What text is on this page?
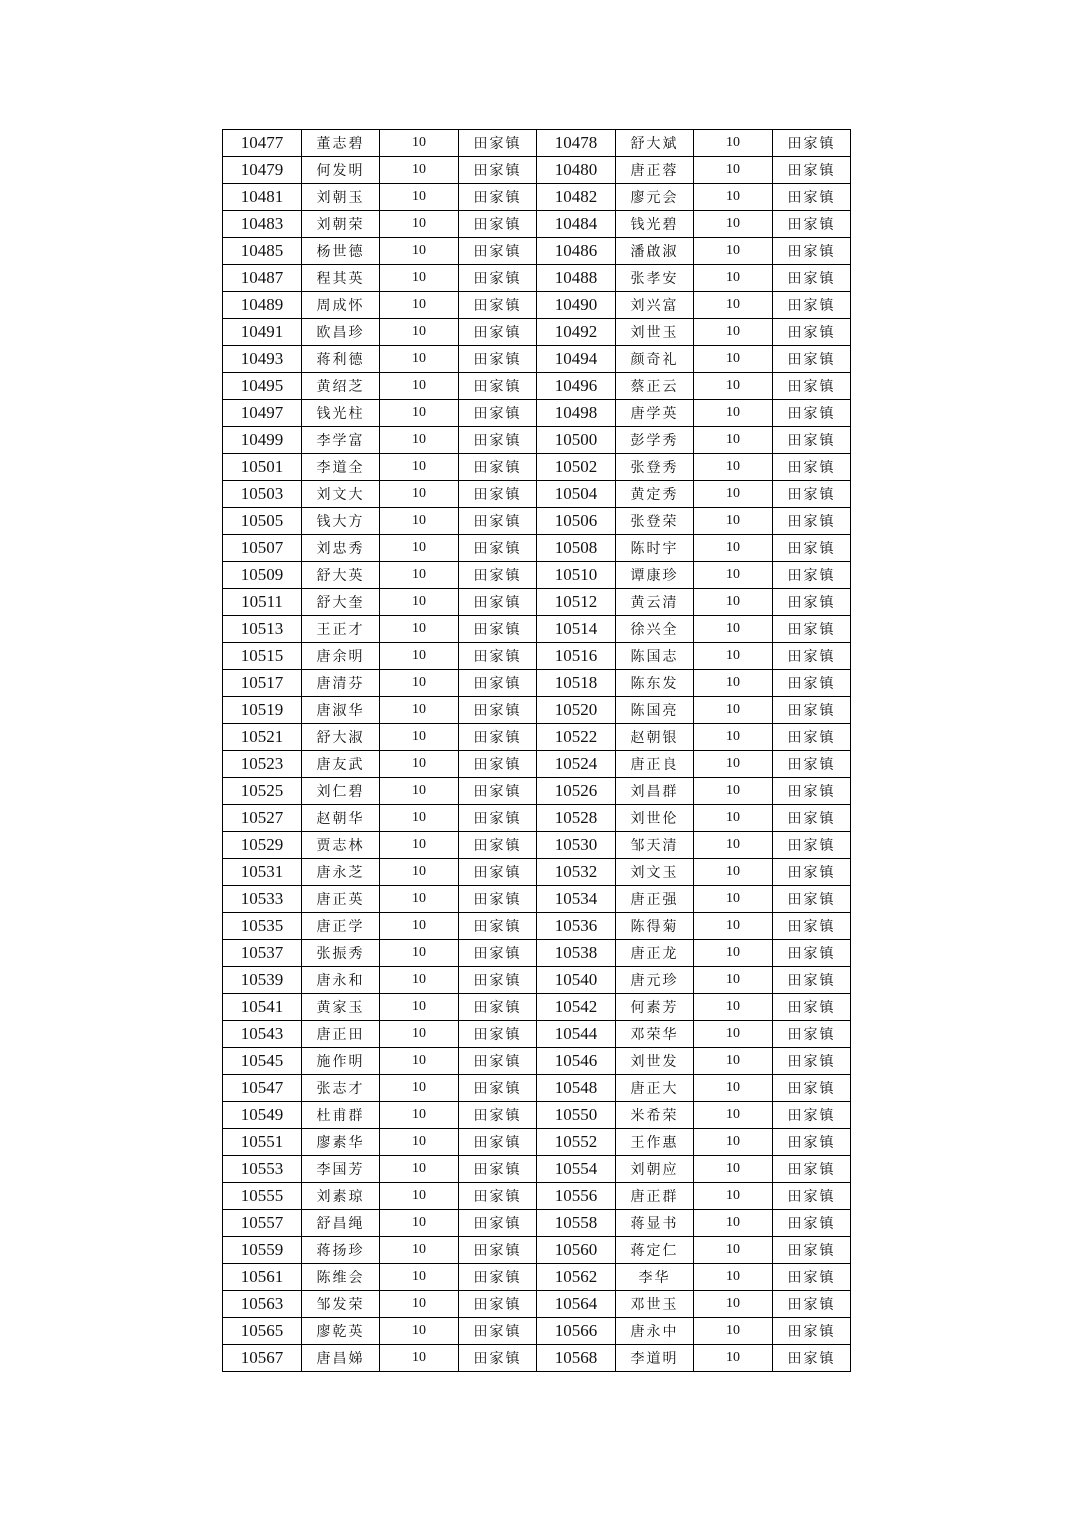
10477	董志碧	10	田家镇	10478	舒大斌	10	田家镇
10479	何发明	10	田家镇	10480	唐正蓉	10	田家镇
10481	刘朝玉	10	田家镇	10482	廖元会	10	田家镇
10483	刘朝荣	10	田家镇	10484	钱光碧	10	田家镇
10485	杨世德	10	田家镇	10486	潘啟淑	10	田家镇
10487	程其英	10	田家镇	10488	张孝安	10	田家镇
10489	周成怀	10	田家镇	10490	刘兴富	10	田家镇
10491	欧昌珍	10	田家镇	10492	刘世玉	10	田家镇
10493	蒋利德	10	田家镇	10494	颜奇礼	10	田家镇
10495	黄绍芝	10	田家镇	10496	蔡正云	10	田家镇
10497	钱光柱	10	田家镇	10498	唐学英	10	田家镇
10499	李学富	10	田家镇	10500	彭学秀	10	田家镇
10501	李道全	10	田家镇	10502	张登秀	10	田家镇
10503	刘文大	10	田家镇	10504	黄定秀	10	田家镇
10505	钱大方	10	田家镇	10506	张登荣	10	田家镇
10507	刘忠秀	10	田家镇	10508	陈时宇	10	田家镇
10509	舒大英	10	田家镇	10510	谭康珍	10	田家镇
10511	舒大奎	10	田家镇	10512	黄云清	10	田家镇
10513	王正才	10	田家镇	10514	徐兴全	10	田家镇
10515	唐余明	10	田家镇	10516	陈国志	10	田家镇
10517	唐清芬	10	田家镇	10518	陈东发	10	田家镇
10519	唐淑华	10	田家镇	10520	陈国亮	10	田家镇
10521	舒大淑	10	田家镇	10522	赵朝银	10	田家镇
10523	唐友武	10	田家镇	10524	唐正良	10	田家镇
10525	刘仁碧	10	田家镇	10526	刘昌群	10	田家镇
10527	赵朝华	10	田家镇	10528	刘世伦	10	田家镇
10529	贾志林	10	田家镇	10530	邹天清	10	田家镇
10531	唐永芝	10	田家镇	10532	刘文玉	10	田家镇
10533	唐正英	10	田家镇	10534	唐正强	10	田家镇
10535	唐正学	10	田家镇	10536	陈得菊	10	田家镇
10537	张振秀	10	田家镇	10538	唐正龙	10	田家镇
10539	唐永和	10	田家镇	10540	唐元珍	10	田家镇
10541	黄家玉	10	田家镇	10542	何素芳	10	田家镇
10543	唐正田	10	田家镇	10544	邓荣华	10	田家镇
10545	施作明	10	田家镇	10546	刘世发	10	田家镇
10547	张志才	10	田家镇	10548	唐正大	10	田家镇
10549	杜甫群	10	田家镇	10550	米希荣	10	田家镇
10551	廖素华	10	田家镇	10552	王作惠	10	田家镇
10553	李国芳	10	田家镇	10554	刘朝应	10	田家镇
10555	刘素琼	10	田家镇	10556	唐正群	10	田家镇
10557	舒昌绳	10	田家镇	10558	蒋显书	10	田家镇
10559	蒋扬珍	10	田家镇	10560	蒋定仁	10	田家镇
10561	陈维会	10	田家镇	10562	李华	10	田家镇
10563	邹发荣	10	田家镇	10564	邓世玉	10	田家镇
10565	廖乾英	10	田家镇	10566	唐永中	10	田家镇
10567	唐昌娣	10	田家镇	10568	李道明	10	田家镇
